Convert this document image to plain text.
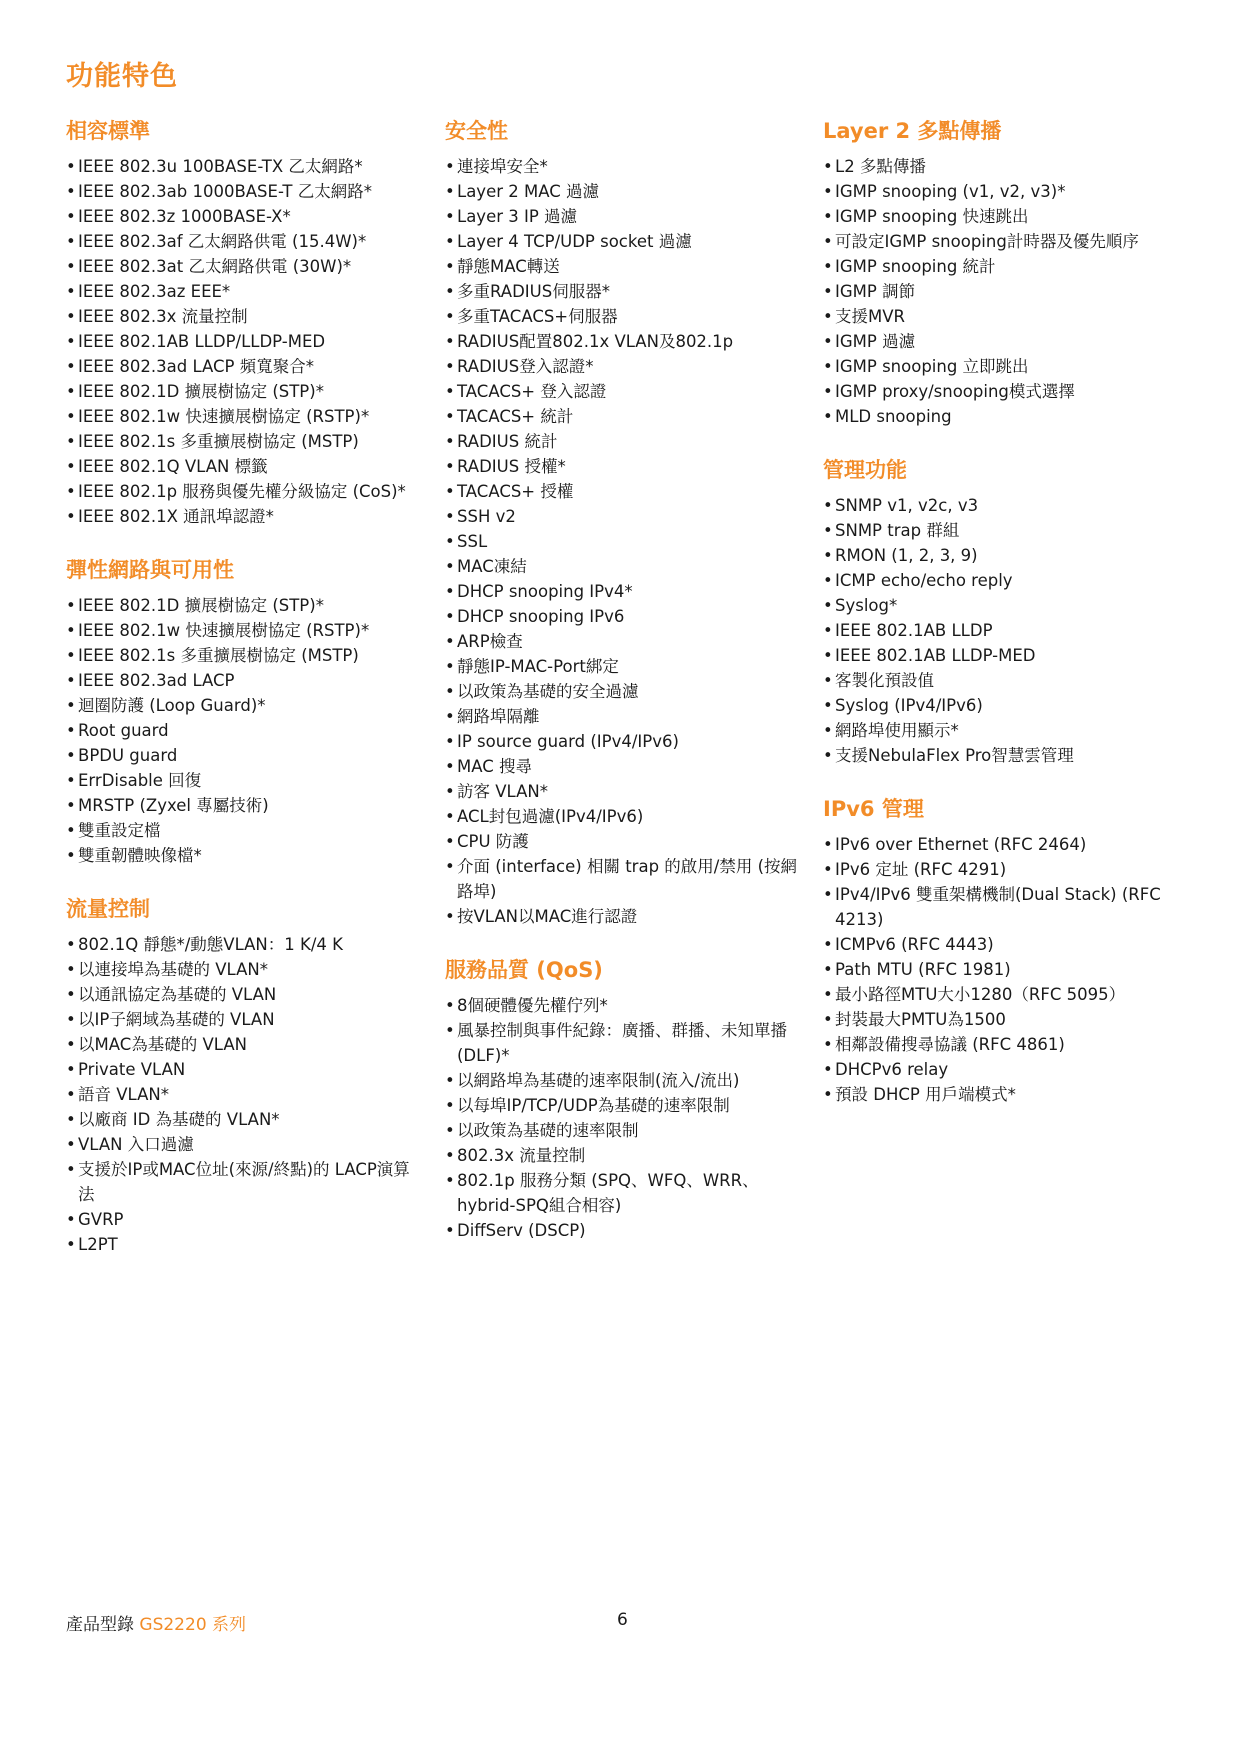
功能特色
相容標準
• IEEE 802.3u 100BASE-TX 乙太網路*
• IEEE 802.3ab 1000BASE-T 乙太網路*
• IEEE 802.3z 1000BASE-X*
• IEEE 802.3af 乙太網路供電 (15.4W)*
• IEEE 802.3at 乙太網路供電 (30W)*
• IEEE 802.3az EEE*
• IEEE 802.3x 流量控制
• IEEE 802.1AB LLDP/LLDP-MED
• IEEE 802.3ad LACP 頻寬聚合*
• IEEE 802.1D 擴展樹協定 (STP)*
• IEEE 802.1w 快速擴展樹協定 (RSTP)*
• IEEE 802.1s 多重擴展樹協定 (MSTP)
• IEEE 802.1Q VLAN 標籤
• IEEE 802.1p 服務與優先權分級協定 (CoS)*
• IEEE 802.1X 通訊埠認證*
彈性網路與可用性
• IEEE 802.1D 擴展樹協定 (STP)*
• IEEE 802.1w 快速擴展樹協定 (RSTP)*
• IEEE 802.1s 多重擴展樹協定 (MSTP)
• IEEE 802.3ad LACP
• 迴圈防護 (Loop Guard)*
• Root guard
• BPDU guard
• ErrDisable 回復
• MRSTP (Zyxel 專屬技術)
• 雙重設定檔
• 雙重韌體映像檔*
流量控制
• 802.1Q 靜態*/動態VLAN：1 K/4 K
• 以連接埠為基礎的 VLAN*
• 以通訊協定為基礎的 VLAN
• 以IP子網域為基礎的 VLAN
• 以MAC為基礎的 VLAN
• Private VLAN
• 語音 VLAN*
• 以廠商 ID 為基礎的 VLAN*
• VLAN 入口過濾
• 支援於IP或MAC位址(來源/終點)的 LACP演算法
• GVRP
• L2PT
安全性
• 連接埠安全*
• Layer 2 MAC 過濾
• Layer 3 IP 過濾
• Layer 4 TCP/UDP socket 過濾
• 靜態MAC轉送
• 多重RADIUS伺服器*
• 多重TACACS+伺服器
• RADIUS配置802.1x VLAN及802.1p
• RADIUS登入認證*
• TACACS+ 登入認證
• TACACS+ 統計
• RADIUS 統計
• RADIUS 授權*
• TACACS+ 授權
• SSH v2
• SSL
• MAC凍結
• DHCP snooping IPv4*
• DHCP snooping IPv6
• ARP檢查
• 靜態IP-MAC-Port綁定
• 以政策為基礎的安全過濾
• 網路埠隔離
• IP source guard (IPv4/IPv6)
• MAC 搜尋
• 訪客 VLAN*
• ACL封包過濾(IPv4/IPv6)
• CPU 防護
• 介面 (interface) 相關 trap 的啟用/禁用 (按網路埠)
• 按VLAN以MAC進行認證
服務品質 (QoS)
• 8個硬體優先權佇列*
• 風暴控制與事件紀錄：廣播、群播、未知單播(DLF)*
• 以網路埠為基礎的速率限制(流入/流出)
• 以每埠IP/TCP/UDP為基礎的速率限制
• 以政策為基礎的速率限制
• 802.3x 流量控制
• 802.1p 服務分類 (SPQ、WFQ、WRR、hybrid-SPQ組合相容)
• DiffServ (DSCP)
Layer 2 多點傳播
• L2 多點傳播
• IGMP snooping (v1, v2, v3)*
• IGMP snooping 快速跳出
• 可設定IGMP snooping計時器及優先順序
• IGMP snooping 統計
• IGMP 調節
• 支援MVR
• IGMP 過濾
• IGMP snooping 立即跳出
• IGMP proxy/snooping模式選擇
• MLD snooping
管理功能
• SNMP v1, v2c, v3
• SNMP trap 群組
• RMON (1, 2, 3, 9)
• ICMP echo/echo reply
• Syslog*
• IEEE 802.1AB LLDP
• IEEE 802.1AB LLDP-MED
• 客製化預設值
• Syslog (IPv4/IPv6)
• 網路埠使用顯示*
• 支援NebulaFlex Pro智慧雲管理
IPv6 管理
• IPv6 over Ethernet (RFC 2464)
• IPv6 定址 (RFC 4291)
• IPv4/IPv6 雙重架構機制(Dual Stack) (RFC 4213)
• ICMPv6 (RFC 4443)
• Path MTU (RFC 1981)
• 最小路徑MTU大小1280（RFC 5095）
• 封裝最大PMTU為1500
• 相鄰設備搜尋協議 (RFC 4861)
• DHCPv6 relay
• 預設 DHCP 用戶端模式*
產品型錄 GS2220 系列	6
